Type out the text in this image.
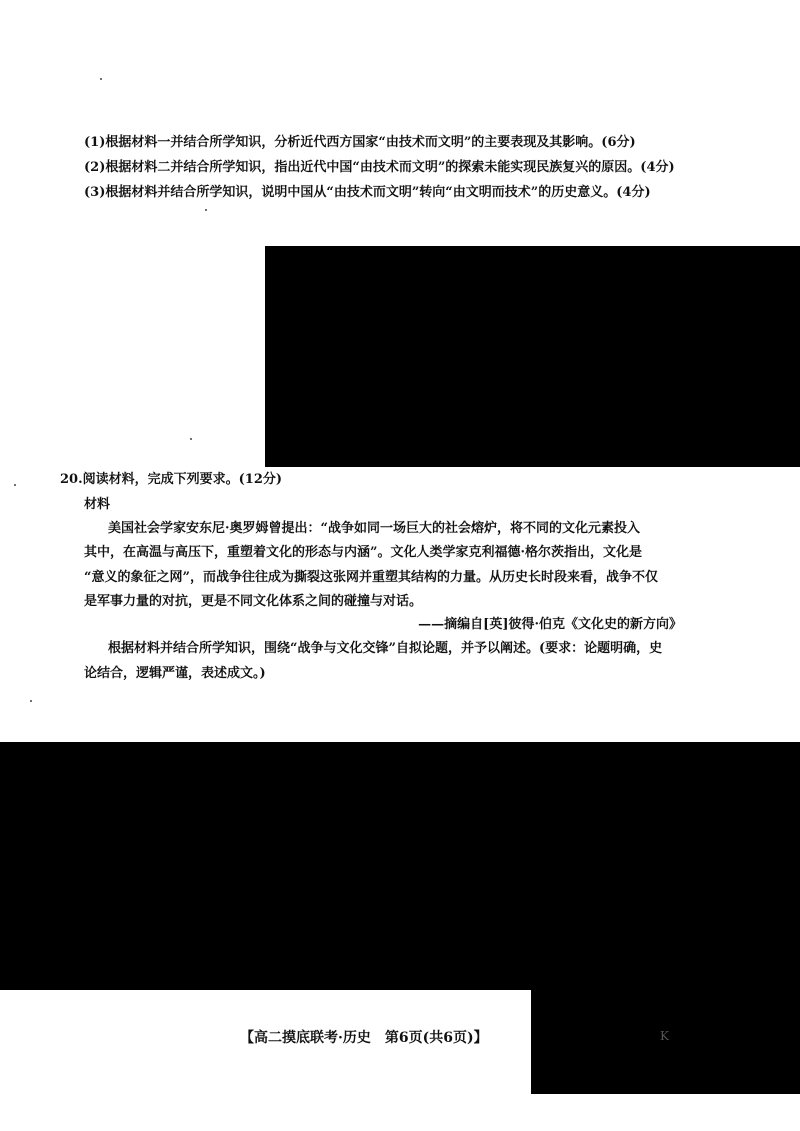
(1)根据材料一并结合所学知识，分析近代西方国家“由技术而文明”的主要表现及其影响。(6分)
(2)根据材料二并结合所学知识，指出近代中国“由技术而文明”的探索未能实现民族复兴的原因。(4分)
(3)根据材料并结合所学知识，说明中国从“由技术而文明”转向“由文明而技术”的历史意义。(4分)
20.阅读材料，完成下列要求。(12分)
材料
美国社会学家安东尼·奥罗姆曾提出：“战争如同一场巨大的社会熔炉，将不同的文化元素投入
其中，在高温与高压下，重塑着文化的形态与内涵”。文化人类学家克利福德·格尔茨指出，文化是
“意义的象征之网”，而战争往往成为撕裂这张网并重塑其结构的力量。从历史长时段来看，战争不仅
是军事力量的对抗，更是不同文化体系之间的碰撞与对话。
——摘编自[英]彼得·伯克《文化史的新方向》
根据材料并结合所学知识，围绕“战争与文化交锋”自拟论题，并予以阐述。(要求：论题明确，史
论结合，逻辑严谨，表述成文。)
【高二摸底联考·历史　第6页(共6页)】	K
